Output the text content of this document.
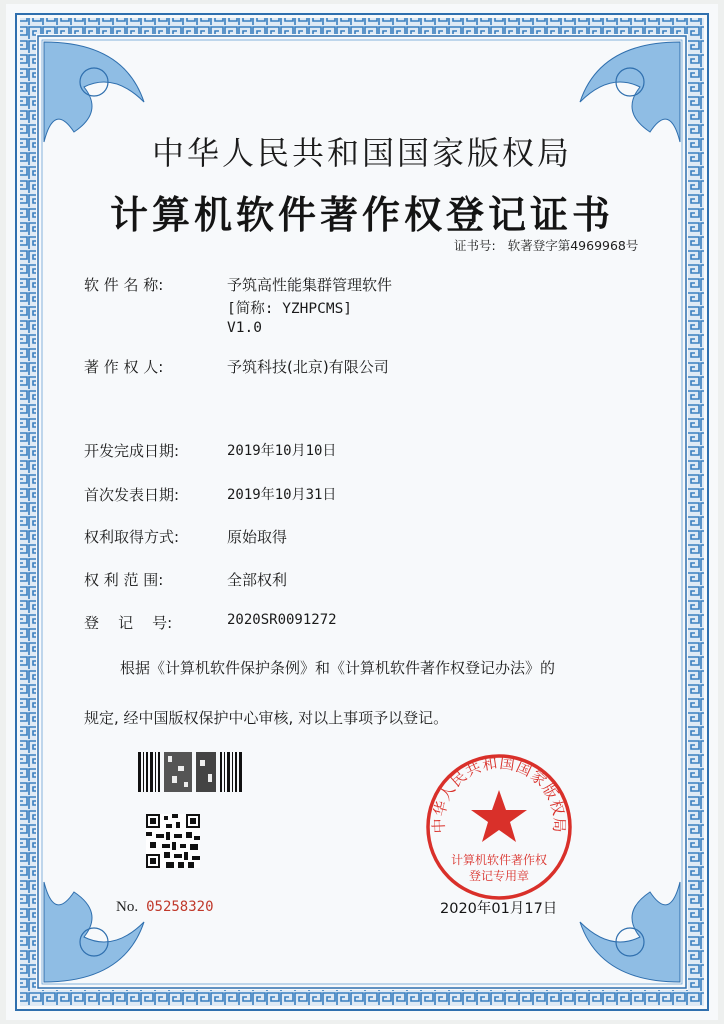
中华人民共和国国家版权局
计算机软件著作权登记证书
证书号: 软著登字第4969968号
软 件 名 称:	予筑高性能集群管理软件
[简称: YZHPCMS]
V1.0
著 作 权 人:	予筑科技(北京)有限公司
开发完成日期:	2019年10月10日
首次发表日期:	2019年10月31日
权利取得方式:	原始取得
权 利 范 围:	全部权利
登    记    号:	2020SR0091272
根据《计算机软件保护条例》和《计算机软件著作权登记办法》的
规定, 经中国版权保护中心审核, 对以上事项予以登记。
No. 05258320
中华人民共和国国家版权局
计算机软件著作权
登记专用章
2020年01月17日
